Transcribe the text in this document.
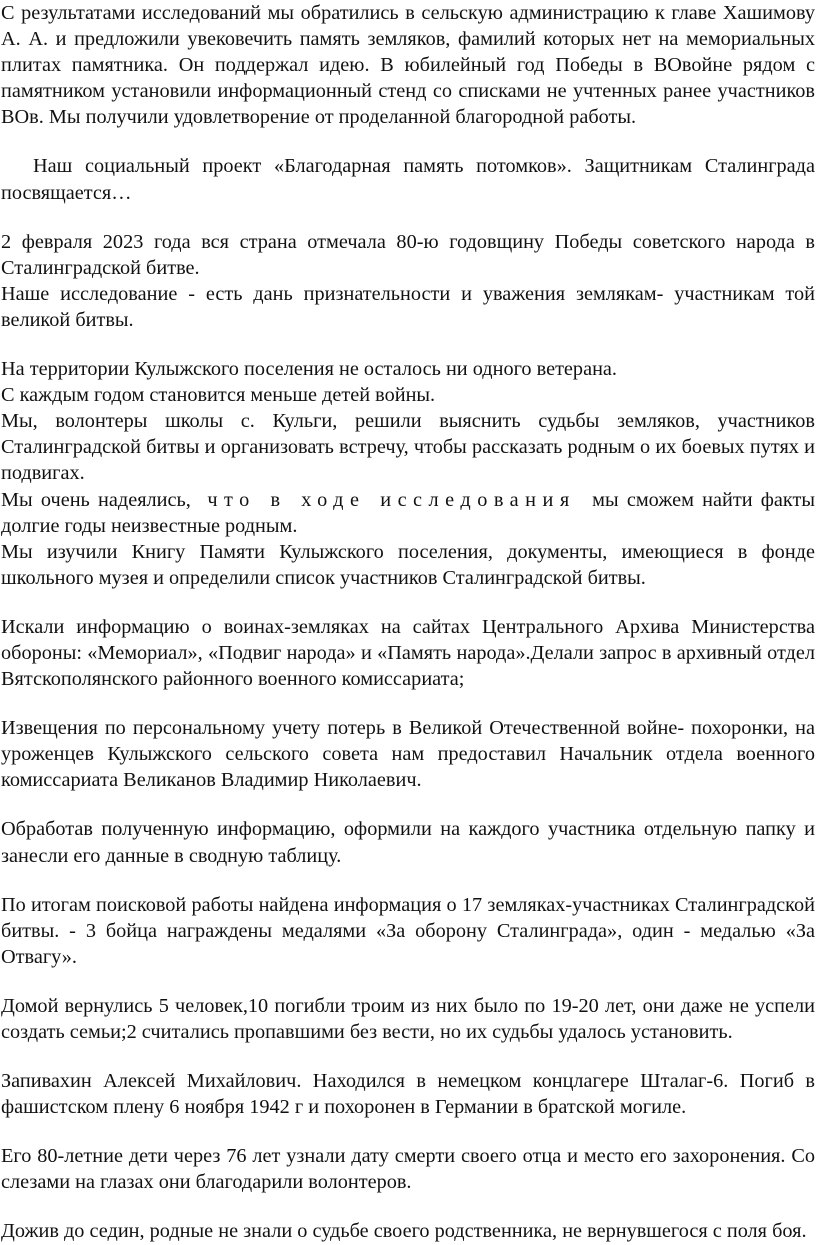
С результатами исследований мы обратились в сельскую администрацию к главе Хашимову А. А. и предложили увековечить память земляков, фамилий которых нет на мемориальных плитах памятника. Он поддержал идею. В юбилейный год Победы в ВОвойне рядом с памятником установили информационный стенд со списками не учтенных ранее участников ВОв. Мы получили удовлетворение от проделанной благородной работы.

Наш социальный проект «Благодарная память потомков». Защитникам Сталинграда посвящается…

2 февраля 2023 года вся страна отмечала 80-ю годовщину Победы советского народа в Сталинградской битве.

Наше исследование - есть дань признательности и уважения землякам- участникам той великой битвы.

На территории Кулыжского поселения не осталось ни одного ветерана.

С каждым годом становится меньше детей войны.

Мы, волонтеры школы с. Кульги, решили выяснить судьбы земляков, участников Сталинградской битвы и организовать встречу, чтобы рассказать родным о их боевых путях и подвигах.

Мы очень надеялись, что в ходе исследования мы сможем найти факты долгие годы неизвестные родным.

Мы изучили Книгу Памяти Кулыжского поселения, документы, имеющиеся в фонде школьного музея и определили список участников Сталинградской битвы.

Искали информацию о воинах-земляках на сайтах Центрального Архива Министерства обороны: «Мемориал», «Подвиг народа» и «Память народа».Делали запрос в архивный отдел Вятскополянского районного военного комиссариата;

Извещения по персональному учету потерь в Великой Отечественной войне- похоронки, на уроженцев Кулыжского сельского совета нам предоставил Начальник отдела военного комиссариата Великанов Владимир Николаевич.

Обработав полученную информацию, оформили на каждого участника отдельную папку и занесли его данные в сводную таблицу.

По итогам поисковой работы найдена информация о 17 земляках-участниках Сталинградской битвы. - 3 бойца награждены медалями «За оборону Сталинграда», один - медалью «За Отвагу».

Домой вернулись 5 человек,10 погибли троим из них было по 19-20 лет, они даже не успели создать семьи;2 считались пропавшими без вести, но их судьбы удалось установить.

Запивахин Алексей Михайлович. Находился в немецком концлагере Шталаг-6. Погиб в фашистском плену 6 ноября 1942 г и похоронен в Германии в братской могиле.

Его 80-летние дети через 76 лет узнали дату смерти своего отца и место его захоронения. Со слезами на глазах они благодарили волонтеров.

Дожив до седин, родные не знали о судьбе своего родственника, не вернувшегося с поля боя.
